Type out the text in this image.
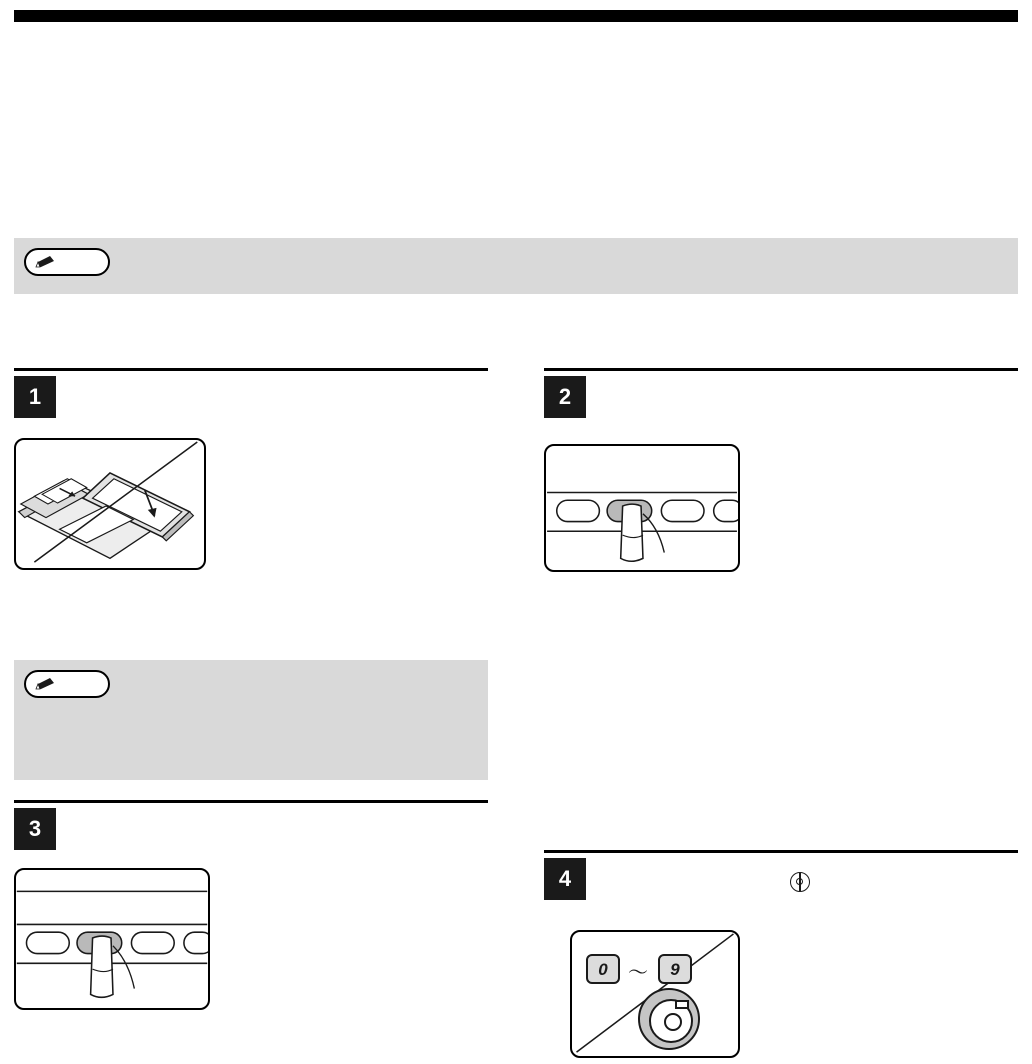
1	2
3
4
0	～	9
